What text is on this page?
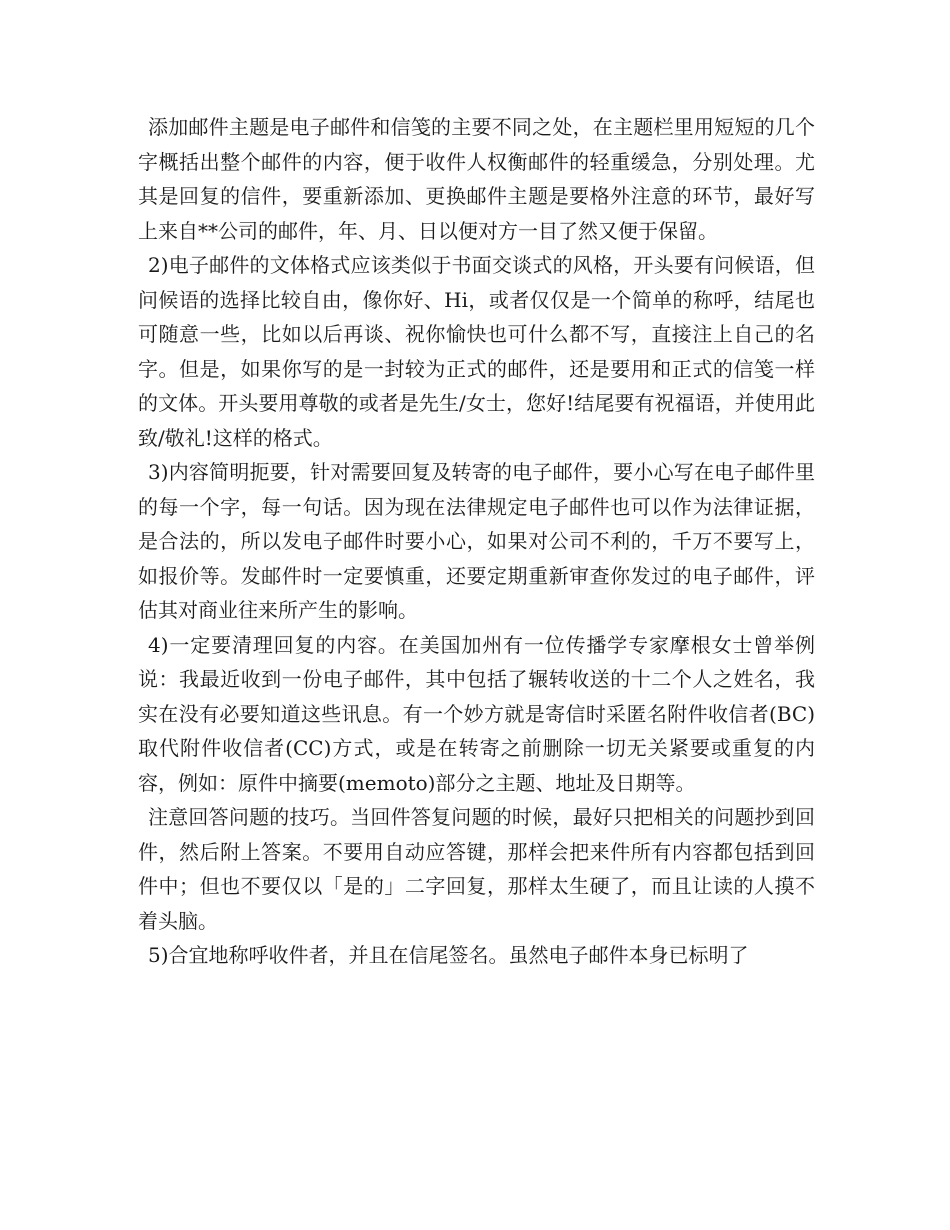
添加邮件主题是电子邮件和信笺的主要不同之处，在主题栏里用短短的几个字概括出整个邮件的内容，便于收件人权衡邮件的轻重缓急，分别处理。尤其是回复的信件，要重新添加、更换邮件主题是要格外注意的环节，最好写上来自**公司的邮件，年、月、日以便对方一目了然又便于保留。

2)电子邮件的文体格式应该类似于书面交谈式的风格，开头要有问候语，但问候语的选择比较自由，像你好、Hi，或者仅仅是一个简单的称呼，结尾也可随意一些，比如以后再谈、祝你愉快也可什么都不写，直接注上自己的名字。但是，如果你写的是一封较为正式的邮件，还是要用和正式的信笺一样的文体。开头要用尊敬的或者是先生/女士，您好!结尾要有祝福语，并使用此致/敬礼!这样的格式。

3)内容简明扼要，针对需要回复及转寄的电子邮件，要小心写在电子邮件里的每一个字，每一句话。因为现在法律规定电子邮件也可以作为法律证据，是合法的，所以发电子邮件时要小心，如果对公司不利的，千万不要写上，如报价等。发邮件时一定要慎重，还要定期重新审查你发过的电子邮件，评估其对商业往来所产生的影响。

4)一定要清理回复的内容。在美国加州有一位传播学专家摩根女士曾举例说：我最近收到一份电子邮件，其中包括了辗转收送的十二个人之姓名，我实在没有必要知道这些讯息。有一个妙方就是寄信时采匿名附件收信者(BC)取代附件收信者(CC)方式，或是在转寄之前删除一切无关紧要或重复的内容，例如：原件中摘要(memoto)部分之主题、地址及日期等。

注意回答问题的技巧。当回件答复问题的时候，最好只把相关的问题抄到回件，然后附上答案。不要用自动应答键，那样会把来件所有内容都包括到回件中；但也不要仅以「是的」二字回复，那样太生硬了，而且让读的人摸不着头脑。

5)合宜地称呼收件者，并且在信尾签名。虽然电子邮件本身已标明了
